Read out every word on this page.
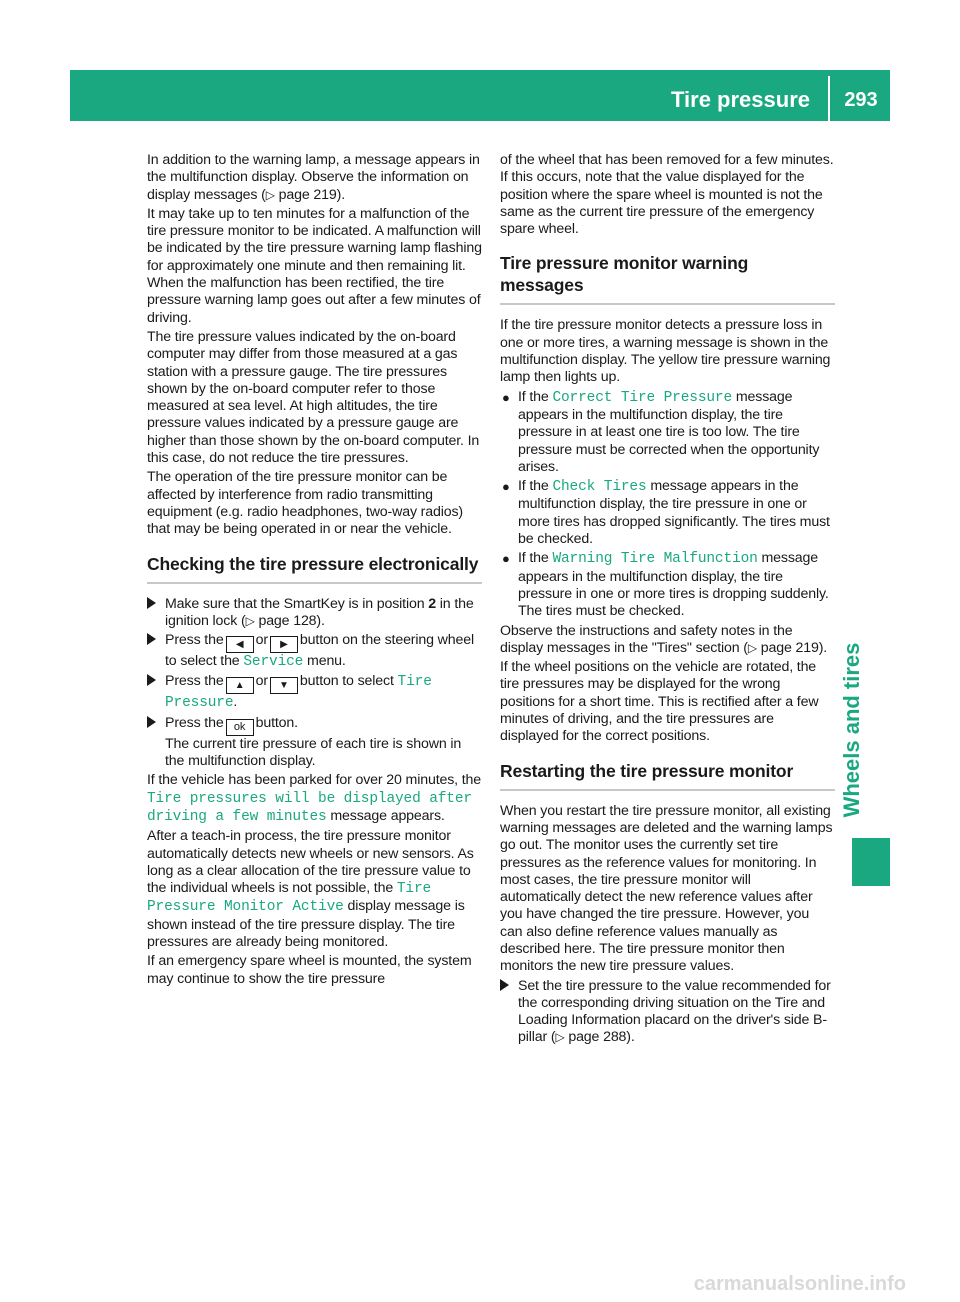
Tire pressure	293
Wheels and tires

In addition to the warning lamp, a message appears in the multifunction display. Observe the information on display messages (▷ page 219).

It may take up to ten minutes for a malfunction of the tire pressure monitor to be indicated. A malfunction will be indicated by the tire pressure warning lamp flashing for approximately one minute and then remaining lit. When the malfunction has been rectified, the tire pressure warning lamp goes out after a few minutes of driving.

The tire pressure values indicated by the on-board computer may differ from those measured at a gas station with a pressure gauge. The tire pressures shown by the on-board computer refer to those measured at sea level. At high altitudes, the tire pressure values indicated by a pressure gauge are higher than those shown by the on-board computer. In this case, do not reduce the tire pressures.

The operation of the tire pressure monitor can be affected by interference from radio transmitting equipment (e.g. radio headphones, two-way radios) that may be being operated in or near the vehicle.

Checking the tire pressure electronically
Make sure that the SmartKey is in position 2 in the ignition lock (▷ page 128).
Press the ◀ or ▶ button on the steering wheel to select the Service menu.
Press the ▲ or ▼ button to select Tire Pressure.
Press the ok button.
The current tire pressure of each tire is shown in the multifunction display.

If the vehicle has been parked for over 20 minutes, the Tire pressures will be displayed after driving a few minutes message appears.

After a teach-in process, the tire pressure monitor automatically detects new wheels or new sensors. As long as a clear allocation of the tire pressure value to the individual wheels is not possible, the Tire Pressure Monitor Active display message is shown instead of the tire pressure display. The tire pressures are already being monitored.

If an emergency spare wheel is mounted, the system may continue to show the tire pressure

of the wheel that has been removed for a few minutes. If this occurs, note that the value displayed for the position where the spare wheel is mounted is not the same as the current tire pressure of the emergency spare wheel.

Tire pressure monitor warning messages

If the tire pressure monitor detects a pressure loss in one or more tires, a warning message is shown in the multifunction display. The yellow tire pressure warning lamp then lights up.

● If the Correct Tire Pressure message appears in the multifunction display, the tire pressure in at least one tire is too low. The tire pressure must be corrected when the opportunity arises.
● If the Check Tires message appears in the multifunction display, the tire pressure in one or more tires has dropped significantly. The tires must be checked.
● If the Warning Tire Malfunction message appears in the multifunction display, the tire pressure in one or more tires is dropping suddenly. The tires must be checked.

Observe the instructions and safety notes in the display messages in the "Tires" section (▷ page 219).

If the wheel positions on the vehicle are rotated, the tire pressures may be displayed for the wrong positions for a short time. This is rectified after a few minutes of driving, and the tire pressures are displayed for the correct positions.

Restarting the tire pressure monitor

When you restart the tire pressure monitor, all existing warning messages are deleted and the warning lamps go out. The monitor uses the currently set tire pressures as the reference values for monitoring. In most cases, the tire pressure monitor will automatically detect the new reference values after you have changed the tire pressure. However, you can also define reference values manually as described here. The tire pressure monitor then monitors the new tire pressure values.

Set the tire pressure to the value recommended for the corresponding driving situation on the Tire and Loading Information placard on the driver's side B-pillar (▷ page 288).
carmanualsonline.info
